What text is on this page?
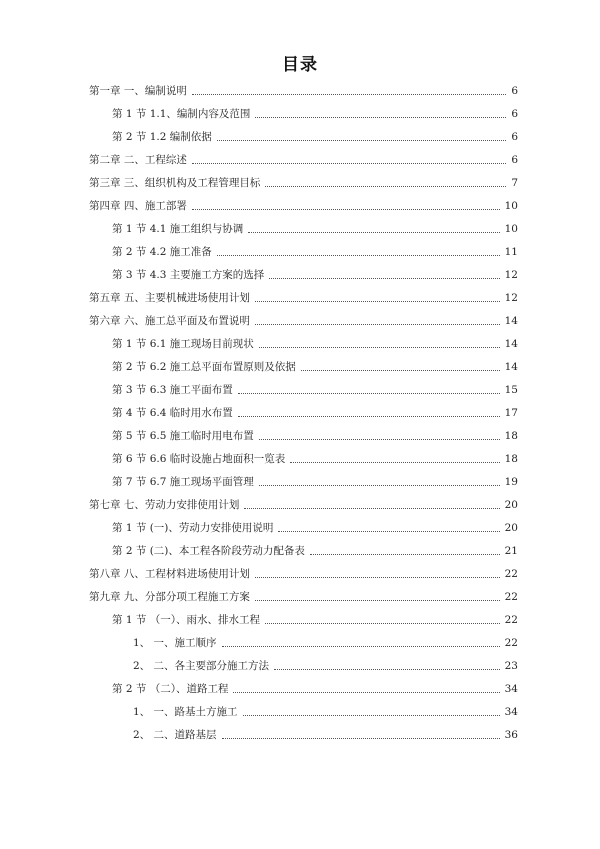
目录
第一章 一、编制说明	6
第 1 节 1.1、编制内容及范围	6
第 2 节 1.2 编制依据	6
第二章 二、工程综述	6
第三章 三、组织机构及工程管理目标	7
第四章 四、施工部署	10
第 1 节 4.1 施工组织与协调	10
第 2 节 4.2 施工准备	11
第 3 节 4.3 主要施工方案的选择	12
第五章 五、主要机械进场使用计划	12
第六章 六、施工总平面及布置说明	14
第 1 节 6.1 施工现场目前现状	14
第 2 节 6.2 施工总平面布置原则及依据	14
第 3 节 6.3 施工平面布置	15
第 4 节 6.4 临时用水布置	17
第 5 节 6.5 施工临时用电布置	18
第 6 节 6.6 临时设施占地面积一览表	18
第 7 节 6.7 施工现场平面管理	19
第七章 七、劳动力安排使用计划	20
第 1 节 (一)、劳动力安排使用说明	20
第 2 节 (二)、本工程各阶段劳动力配备表	21
第八章 八、工程材料进场使用计划	22
第九章 九、分部分项工程施工方案	22
第 1 节 （一）、雨水、排水工程	22
1、 一、施工顺序	22
2、 二、各主要部分施工方法	23
第 2 节 （二）、道路工程	34
1、 一、路基土方施工	34
2、 二、道路基层	36
